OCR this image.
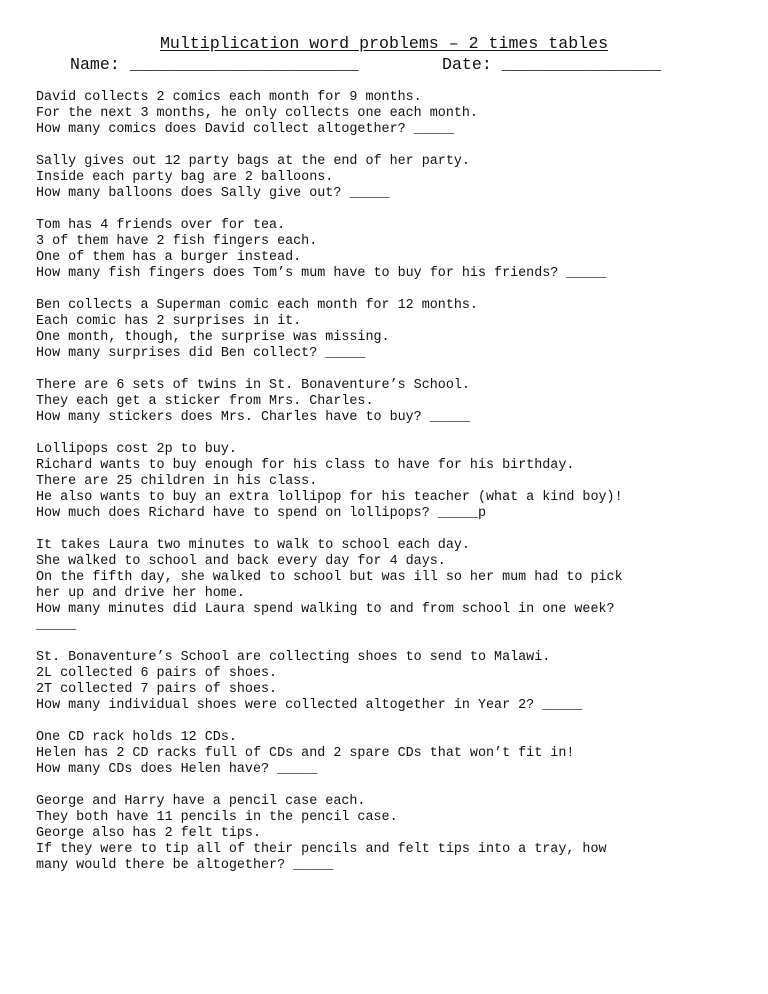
Multiplication word problems – 2 times tables
Name: _______________________	Date: ________________
David collects 2 comics each month for 9 months.
For the next 3 months, he only collects one each month.
How many comics does David collect altogether? _____
Sally gives out 12 party bags at the end of her party.
Inside each party bag are 2 balloons.
How many balloons does Sally give out? _____
Tom has 4 friends over for tea.
3 of them have 2 fish fingers each.
One of them has a burger instead.
How many fish fingers does Tom’s mum have to buy for his friends? _____
Ben collects a Superman comic each month for 12 months.
Each comic has 2 surprises in it.
One month, though, the surprise was missing.
How many surprises did Ben collect? _____
There are 6 sets of twins in St. Bonaventure’s School.
They each get a sticker from Mrs. Charles.
How many stickers does Mrs. Charles have to buy? _____
Lollipops cost 2p to buy.
Richard wants to buy enough for his class to have for his birthday.
There are 25 children in his class.
He also wants to buy an extra lollipop for his teacher (what a kind boy)!
How much does Richard have to spend on lollipops? _____p
It takes Laura two minutes to walk to school each day.
She walked to school and back every day for 4 days.
On the fifth day, she walked to school but was ill so her mum had to pick
her up and drive her home.
How many minutes did Laura spend walking to and from school in one week?
_____
St. Bonaventure’s School are collecting shoes to send to Malawi.
2L collected 6 pairs of shoes.
2T collected 7 pairs of shoes.
How many individual shoes were collected altogether in Year 2? _____
One CD rack holds 12 CDs.
Helen has 2 CD racks full of CDs and 2 spare CDs that won’t fit in!
How many CDs does Helen have? _____
George and Harry have a pencil case each.
They both have 11 pencils in the pencil case.
George also has 2 felt tips.
If they were to tip all of their pencils and felt tips into a tray, how
many would there be altogether? _____
